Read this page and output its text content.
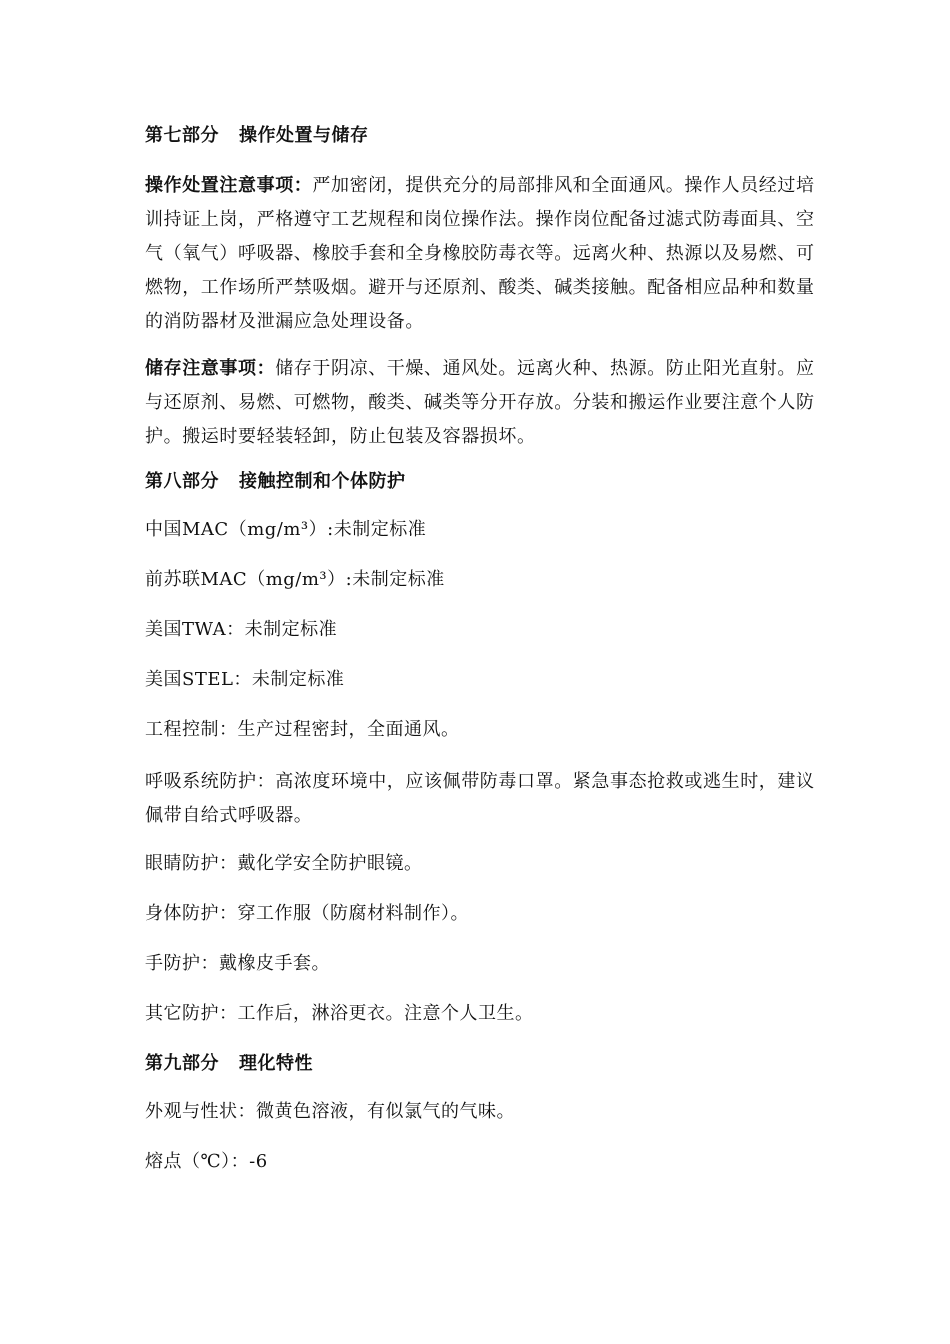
第七部分 操作处置与储存

操作处置注意事项：严加密闭，提供充分的局部排风和全面通风。操作人员经过培训持证上岗，严格遵守工艺规程和岗位操作法。操作岗位配备过滤式防毒面具、空气（氧气）呼吸器、橡胶手套和全身橡胶防毒衣等。远离火种、热源以及易燃、可燃物，工作场所严禁吸烟。避开与还原剂、酸类、碱类接触。配备相应品种和数量的消防器材及泄漏应急处理设备。

储存注意事项：储存于阴凉、干燥、通风处。远离火种、热源。防止阳光直射。应与还原剂、易燃、可燃物，酸类、碱类等分开存放。分装和搬运作业要注意个人防护。搬运时要轻装轻卸，防止包装及容器损坏。

第八部分 接触控制和个体防护

中国MAC（mg/m³）:未制定标准

前苏联MAC（mg/m³）:未制定标准

美国TWA：未制定标准

美国STEL：未制定标准

工程控制：生产过程密封，全面通风。

呼吸系统防护：高浓度环境中，应该佩带防毒口罩。紧急事态抢救或逃生时，建议佩带自给式呼吸器。

眼睛防护：戴化学安全防护眼镜。

身体防护：穿工作服（防腐材料制作）。

手防护：戴橡皮手套。

其它防护：工作后，淋浴更衣。注意个人卫生。

第九部分 理化特性

外观与性状：微黄色溶液，有似氯气的气味。

熔点（℃）：-6
